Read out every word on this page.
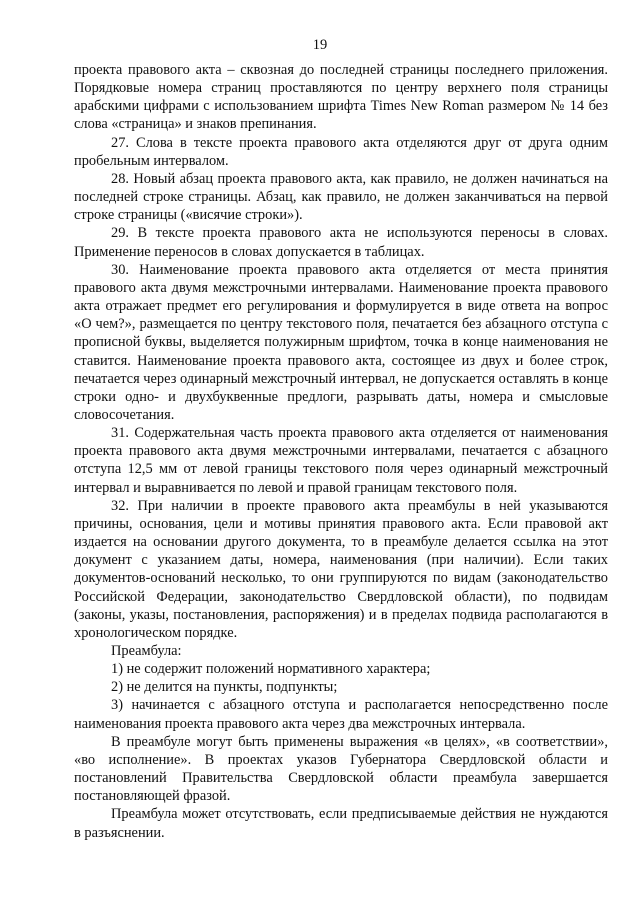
19

проекта правового акта – сквозная до последней страницы последнего приложения. Порядковые номера страниц проставляются по центру верхнего поля страницы арабскими цифрами с использованием шрифта Times New Roman размером № 14 без слова «страница» и знаков препинания.

27. Слова в тексте проекта правового акта отделяются друг от друга одним пробельным интервалом.

28. Новый абзац проекта правового акта, как правило, не должен начинаться на последней строке страницы. Абзац, как правило, не должен заканчиваться на первой строке страницы («висячие строки»).

29. В тексте проекта правового акта не используются переносы в словах. Применение переносов в словах допускается в таблицах.

30. Наименование проекта правового акта отделяется от места принятия правового акта двумя межстрочными интервалами. Наименование проекта правового акта отражает предмет его регулирования и формулируется в виде ответа на вопрос «О чем?», размещается по центру текстового поля, печатается без абзацного отступа с прописной буквы, выделяется полужирным шрифтом, точка в конце наименования не ставится. Наименование проекта правового акта, состоящее из двух и более строк, печатается через одинарный межстрочный интервал, не допускается оставлять в конце строки одно- и двухбуквенные предлоги, разрывать даты, номера и смысловые словосочетания.

31. Содержательная часть проекта правового акта отделяется от наименования проекта правового акта двумя межстрочными интервалами, печатается с абзацного отступа 12,5 мм от левой границы текстового поля через одинарный межстрочный интервал и выравнивается по левой и правой границам текстового поля.

32. При наличии в проекте правового акта преамбулы в ней указываются причины, основания, цели и мотивы принятия правового акта. Если правовой акт издается на основании другого документа, то в преамбуле делается ссылка на этот документ с указанием даты, номера, наименования (при наличии). Если таких документов-оснований несколько, то они группируются по видам (законодательство Российской Федерации, законодательство Свердловской области), по подвидам (законы, указы, постановления, распоряжения) и в пределах подвида располагаются в хронологическом порядке.

Преамбула:

1) не содержит положений нормативного характера;

2) не делится на пункты, подпункты;

3) начинается с абзацного отступа и располагается непосредственно после наименования проекта правового акта через два межстрочных интервала.

В преамбуле могут быть применены выражения «в целях», «в соответствии», «во исполнение». В проектах указов Губернатора Свердловской области и постановлений Правительства Свердловской области преамбула завершается постановляющей фразой.

Преамбула может отсутствовать, если предписываемые действия не нуждаются в разъяснении.
